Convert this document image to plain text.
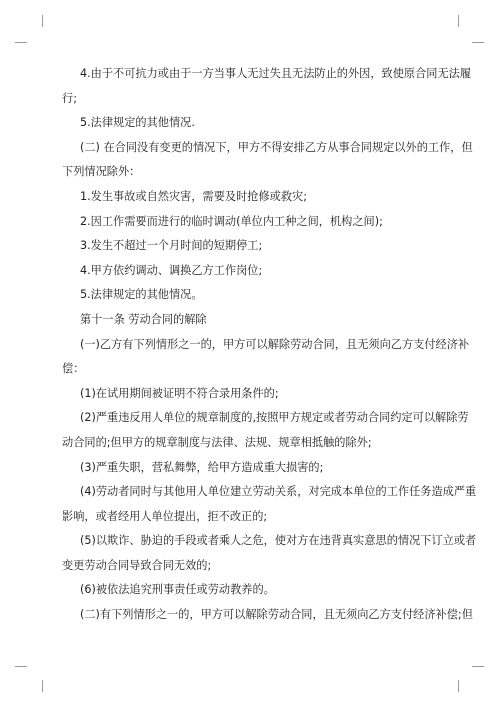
4.由于不可抗力或由于一方当事人无过失且无法防止的外因，致使原合同无法履
行;
5.法律规定的其他情况.
(二) 在合同没有变更的情况下，甲方不得安排乙方从事合同规定以外的工作，但
下列情况除外：
1.发生事故或自然灾害，需要及时抢修或救灾;
2.因工作需要而进行的临时调动(单位内工种之间，机构之间);
3.发生不超过一个月时间的短期停工;
4.甲方依约调动、调换乙方工作岗位;
5.法律规定的其他情况。
第十一条 劳动合同的解除
(一)乙方有下列情形之一的，甲方可以解除劳动合同，且无须向乙方支付经济补
偿：
(1)在试用期间被证明不符合录用条件的;
(2)严重违反用人单位的规章制度的,按照甲方规定或者劳动合同约定可以解除劳
动合同的;但甲方的规章制度与法律、法规、规章相抵触的除外;
(3)严重失职，营私舞弊，给甲方造成重大损害的;
(4)劳动者同时与其他用人单位建立劳动关系，对完成本单位的工作任务造成严重
影响，或者经用人单位提出，拒不改正的;
(5)以欺诈、胁迫的手段或者乘人之危，使对方在违背真实意思的情况下订立或者
变更劳动合同导致合同无效的;
(6)被依法追究刑事责任或劳动教养的。
(二)有下列情形之一的，甲方可以解除劳动合同，且无须向乙方支付经济补偿;但
